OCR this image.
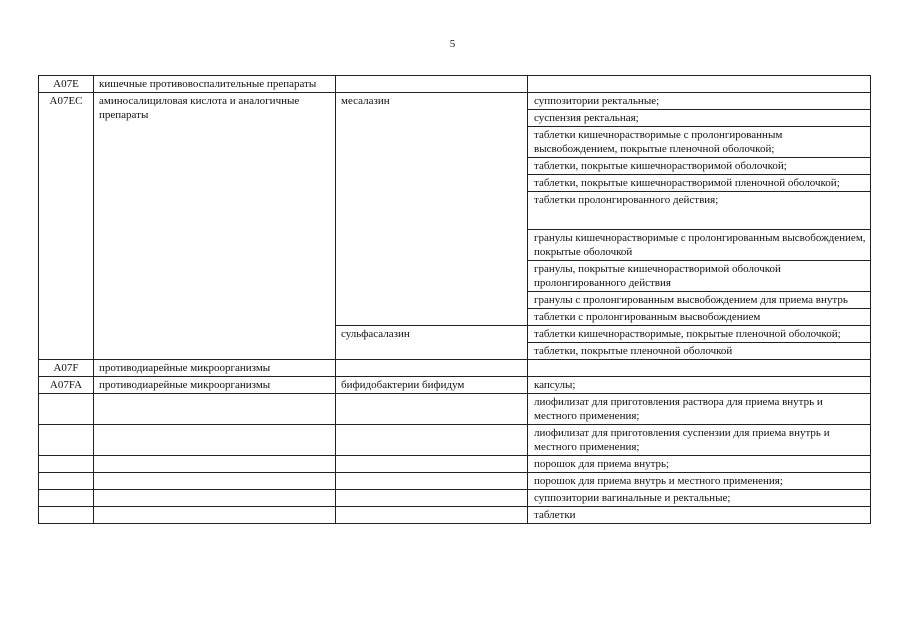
5
A07E	кишечные противовоспалительные препараты		
A07EC	аминосалициловая кислота и аналогичные препараты	месалазин	суппозитории ректальные;
			суспензия ректальная;
			таблетки кишечнорастворимые с пролонгированным высвобождением, покрытые пленочной оболочкой;
			таблетки, покрытые кишечнорастворимой оболочкой;
			таблетки, покрытые кишечнорастворимой пленочной оболочкой;
			таблетки пролонгированного действия;
			гранулы кишечнорастворимые с пролонгированным высвобождением, покрытые оболочкой
			гранулы, покрытые кишечнорастворимой оболочкой пролонгированного действия
			гранулы с пролонгированным высвобождением для приема внутрь
			таблетки с пролонгированным высвобождением
		сульфасалазин	таблетки кишечнорастворимые, покрытые пленочной оболочкой;
			таблетки, покрытые пленочной оболочкой
A07F	противодиарейные микроорганизмы		
A07FA	противодиарейные микроорганизмы	бифидобактерии бифидум	капсулы;
			лиофилизат для приготовления раствора для приема внутрь и местного применения;
			лиофилизат для приготовления суспензии для приема внутрь и местного применения;
			порошок для приема внутрь;
			порошок для приема внутрь и местного применения;
			суппозитории вагинальные и ректальные;
			таблетки
